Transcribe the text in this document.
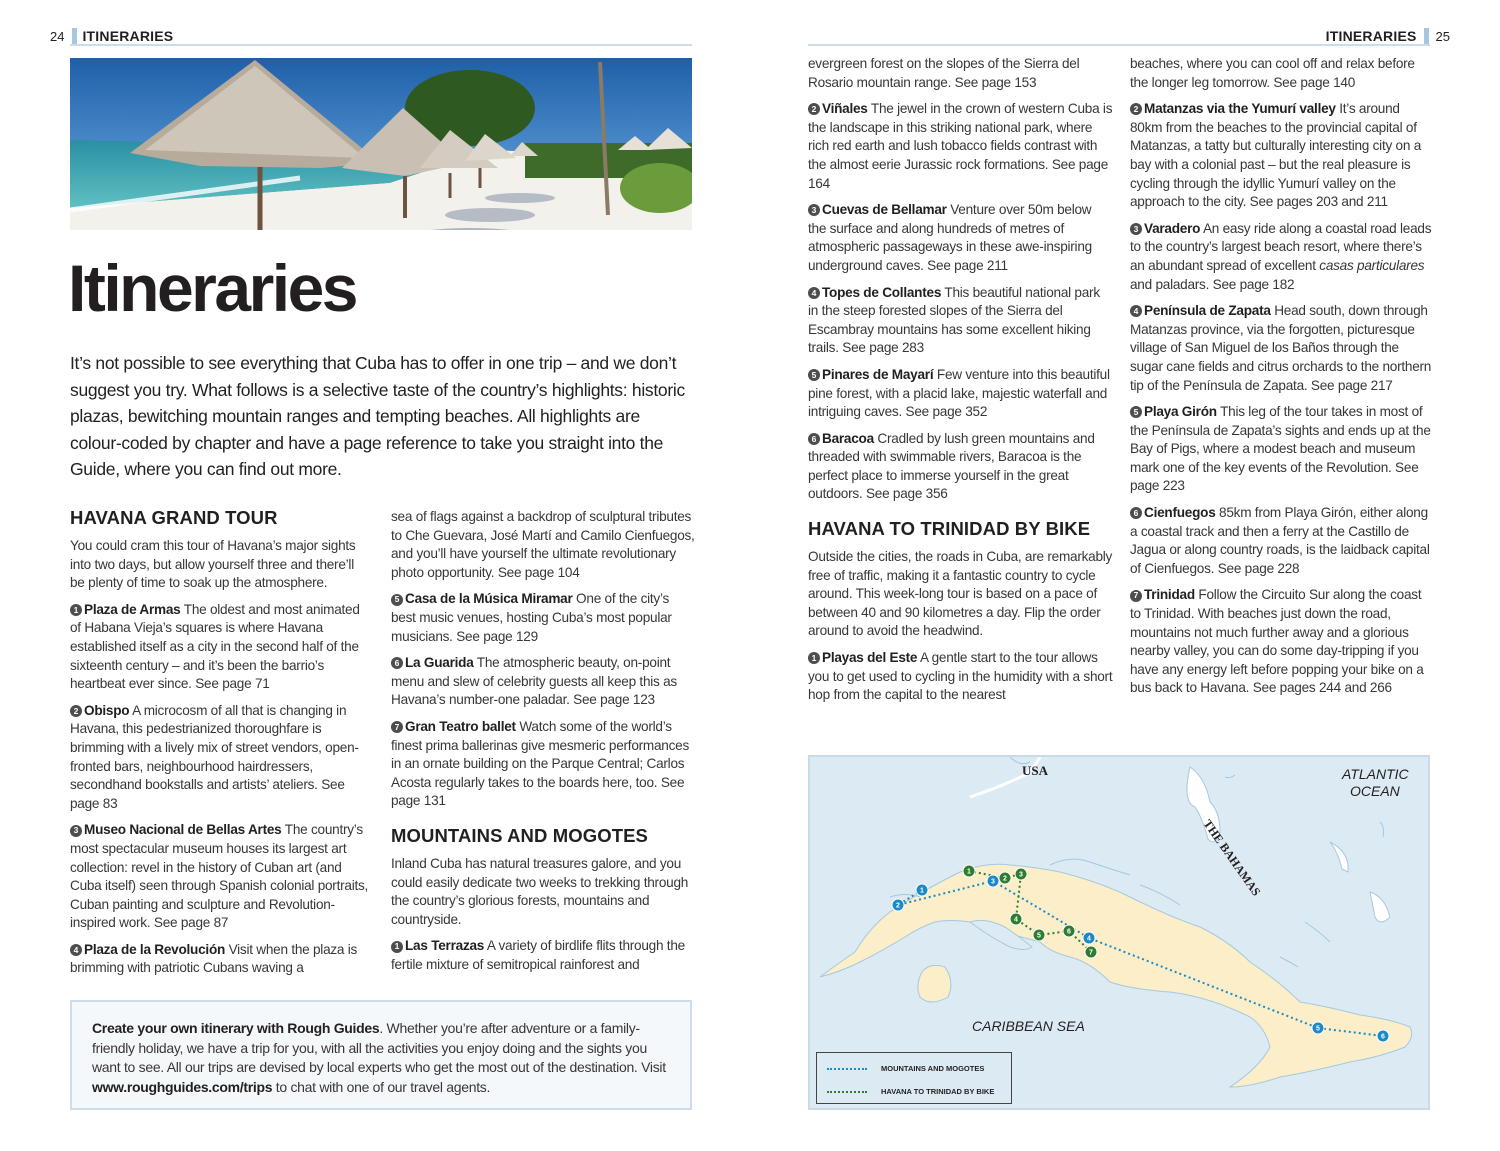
24 ITINERARIES
Itineraries

It’s not possible to see everything that Cuba has to offer in one trip – and we don’t suggest you try. What follows is a selective taste of the country’s highlights: historic plazas, bewitching mountain ranges and tempting beaches. All highlights are colour-coded by chapter and have a page reference to take you straight into the Guide, where you can find out more.

HAVANA GRAND TOUR

You could cram this tour of Havana’s major sights into two days, but allow yourself three and there’ll be plenty of time to soak up the atmosphere.

1 Plaza de Armas The oldest and most animated of Habana Vieja’s squares is where Havana established itself as a city in the second half of the sixteenth century – and it’s been the barrio’s heartbeat ever since. See page 71

2 Obispo A microcosm of all that is changing in Havana, this pedestrianized thoroughfare is brimming with a lively mix of street vendors, open-fronted bars, neighbourhood hairdressers, secondhand bookstalls and artists’ ateliers. See page 83

3 Museo Nacional de Bellas Artes The country’s most spectacular museum houses its largest art collection: revel in the history of Cuban art (and Cuba itself) seen through Spanish colonial portraits, Cuban painting and sculpture and Revolution-inspired work. See page 87

4 Plaza de la Revolución Visit when the plaza is brimming with patriotic Cubans waving a

sea of flags against a backdrop of sculptural tributes to Che Guevara, José Martí and Camilo Cienfuegos, and you’ll have yourself the ultimate revolutionary photo opportunity. See page 104

5 Casa de la Música Miramar One of the city’s best music venues, hosting Cuba’s most popular musicians. See page 129

6 La Guarida The atmospheric beauty, on-point menu and slew of celebrity guests all keep this as Havana’s number-one paladar. See page 123

7 Gran Teatro ballet Watch some of the world’s finest prima ballerinas give mesmeric performances in an ornate building on the Parque Central; Carlos Acosta regularly takes to the boards here, too. See page 131

MOUNTAINS AND MOGOTES

Inland Cuba has natural treasures galore, and you could easily dedicate two weeks to trekking through the country’s glorious forests, mountains and countryside.

1 Las Terrazas A variety of birdlife flits through the fertile mixture of semitropical rainforest and

Create your own itinerary with Rough Guides. Whether you’re after adventure or a family-friendly holiday, we have a trip for you, with all the activities you enjoy doing and the sights you want to see. All our trips are devised by local experts who get the most out of the destination. Visit www.roughguides.com/trips to chat with one of our travel agents.
ITINERARIES 25

evergreen forest on the slopes of the Sierra del Rosario mountain range. See page 153

2 Viñales The jewel in the crown of western Cuba is the landscape in this striking national park, where rich red earth and lush tobacco fields contrast with the almost eerie Jurassic rock formations. See page 164

3 Cuevas de Bellamar Venture over 50m below the surface and along hundreds of metres of atmospheric passageways in these awe-inspiring underground caves. See page 211

4 Topes de Collantes This beautiful national park in the steep forested slopes of the Sierra del Escambray mountains has some excellent hiking trails. See page 283

5 Pinares de Mayarí Few venture into this beautiful pine forest, with a placid lake, majestic waterfall and intriguing caves. See page 352

6 Baracoa Cradled by lush green mountains and threaded with swimmable rivers, Baracoa is the perfect place to immerse yourself in the great outdoors. See page 356

HAVANA TO TRINIDAD BY BIKE

Outside the cities, the roads in Cuba, are remarkably free of traffic, making it a fantastic country to cycle around. This week-long tour is based on a pace of between 40 and 90 kilometres a day. Flip the order around to avoid the headwind.

1 Playas del Este A gentle start to the tour allows you to get used to cycling in the humidity with a short hop from the capital to the nearest

beaches, where you can cool off and relax before the longer leg tomorrow. See page 140

2 Matanzas via the Yumurí valley It’s around 80km from the beaches to the provincial capital of Matanzas, a tatty but culturally interesting city on a bay with a colonial past – but the real pleasure is cycling through the idyllic Yumurí valley on the approach to the city. See pages 203 and 211

3 Varadero An easy ride along a coastal road leads to the country’s largest beach resort, where there’s an abundant spread of excellent casas particulares and paladars. See page 182

4 Península de Zapata Head south, down through Matanzas province, via the forgotten, picturesque village of San Miguel de los Baños through the sugar cane fields and citrus orchards to the northern tip of the Península de Zapata. See page 217

5 Playa Girón This leg of the tour takes in most of the Península de Zapata’s sights and ends up at the Bay of Pigs, where a modest beach and museum mark one of the key events of the Revolution. See page 223

6 Cienfuegos 85km from Playa Girón, either along a coastal track and then a ferry at the Castillo de Jagua or along country roads, is the laidback capital of Cienfuegos. See page 228

7 Trinidad Follow the Circuito Sur along the coast to Trinidad. With beaches just down the road, mountains not much further away and a glorious nearby valley, you can do some day-tripping if you have any energy left before popping your bike on a bus back to Havana. See pages 244 and 266

1
2
3
4
5
6
1
2
3
4
5
6
7
USA
THE BAHAMAS
ATLANTIC
OCEAN
CARIBBEAN SEA
MOUNTAINS AND MOGOTES
HAVANA TO TRINIDAD BY BIKE
